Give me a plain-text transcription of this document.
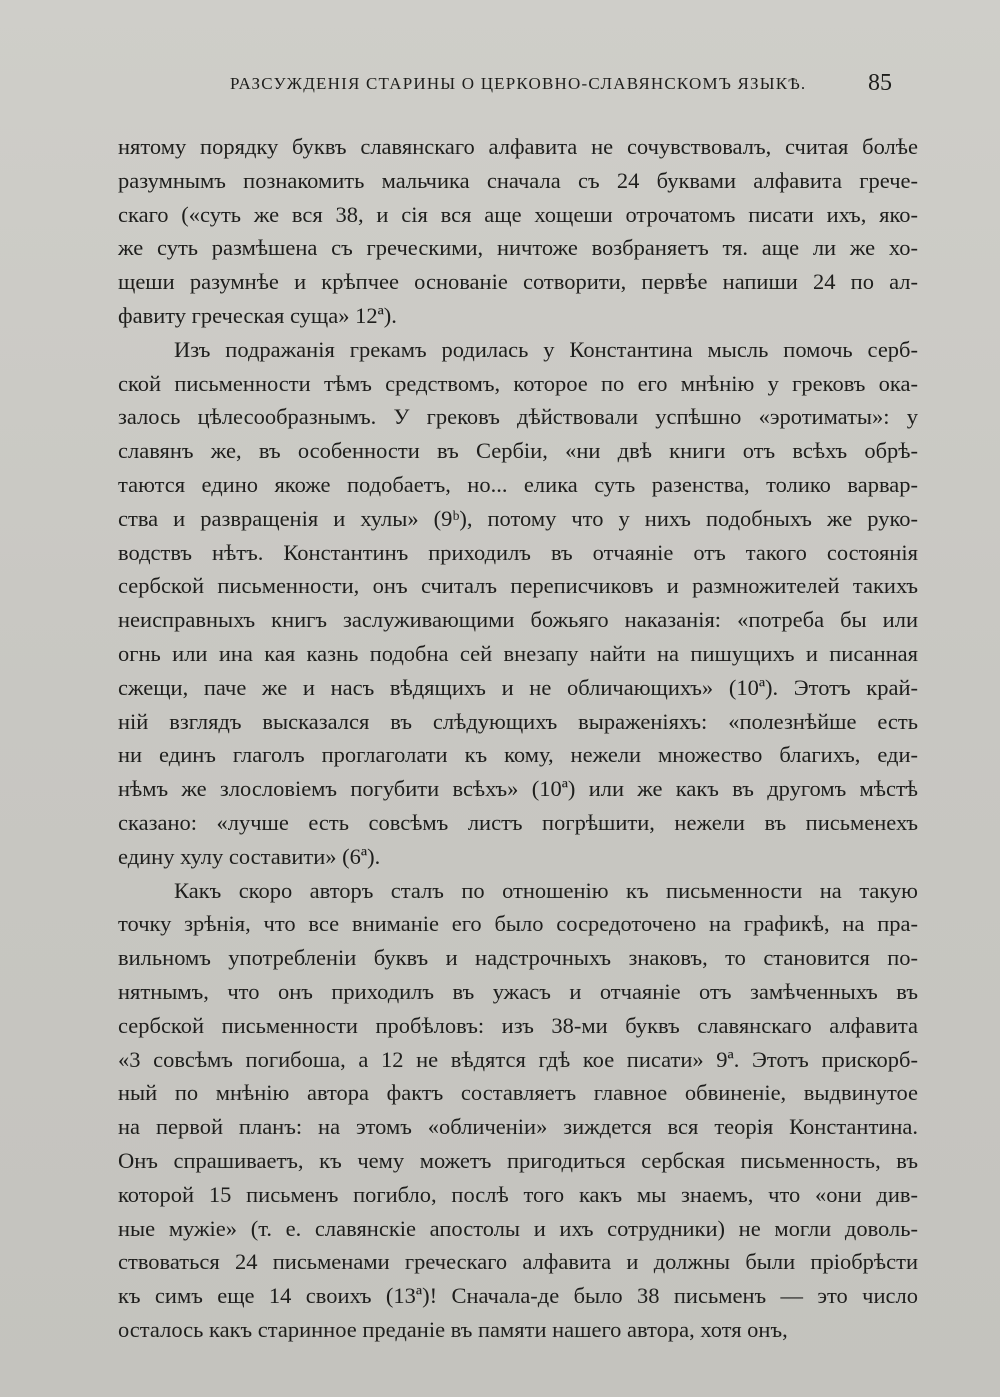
РАЗСУЖДЕНІЯ СТАРИНЫ О ЦЕРКОВНО-СЛАВЯНСКОМЪ ЯЗЫКѢ.	85
нятому порядку буквъ славянскаго алфавита не сочувствовалъ, считая болѣе
разумнымъ познакомить мальчика сначала съ 24 буквами алфавита грече-
скаго («суть же вся 38, и сія вся аще хощеши отрочатомъ писати ихъ, яко-
же суть размѣшена съ греческими, ничтоже возбраняетъ тя. аще ли же хо-
щеши разумнѣе и крѣпчее основаніе сотворити, первѣе напиши 24 по ал-
фавиту греческая суща» 12ª).
Изъ подражанія грекамъ родилась у Константина мысль помочь серб-
ской письменности тѣмъ средствомъ, которое по его мнѣнію у грековъ ока-
залось цѣлесообразнымъ. У грековъ дѣйствовали успѣшно «эротиматы»: у
славянъ же, въ особенности въ Сербіи, «ни двѣ книги отъ всѣхъ обрѣ-
таются едино якоже подобаетъ, но... елика суть разенства, толико варвар-
ства и развращенія и хулы» (9ᵇ), потому что у нихъ подобныхъ же руко-
водствъ нѣтъ. Константинъ приходилъ въ отчаяніе отъ такого состоянія
сербской письменности, онъ считалъ переписчиковъ и размножителей такихъ
неисправныхъ книгъ заслуживающими божьяго наказанія: «потреба бы или
огнь или ина кая казнь подобна сей внезапу найти на пишущихъ и писанная
сжещи, паче же и насъ вѣдящихъ и не обличающихъ» (10ª). Этотъ край-
ній взглядъ высказался въ слѣдующихъ выраженіяхъ: «полезнѣйше есть
ни единъ глаголъ проглаголати къ кому, нежели множество благихъ, еди-
нѣмъ же злословіемъ погубити всѣхъ» (10ª) или же какъ въ другомъ мѣстѣ
сказано: «лучше есть совсѣмъ листъ погрѣшити, нежели въ письменехъ
едину хулу составити» (6ª).
Какъ скоро авторъ сталъ по отношенію къ письменности на такую
точку зрѣнія, что все вниманіе его было сосредоточено на графикѣ, на пра-
вильномъ употребленіи буквъ и надстрочныхъ знаковъ, то становится по-
нятнымъ, что онъ приходилъ въ ужасъ и отчаяніе отъ замѣченныхъ въ
сербской письменности пробѣловъ: изъ 38-ми буквъ славянскаго алфавита
«3 совсѣмъ погибоша, а 12 не вѣдятся гдѣ кое писати» 9ª. Этотъ прискорб-
ный по мнѣнію автора фактъ составляетъ главное обвиненіе, выдвинутое
на первой планъ: на этомъ «обличеніи» зиждется вся теорія Константина.
Онъ спрашиваетъ, къ чему можетъ пригодиться сербская письменность, въ
которой 15 письменъ погибло, послѣ того какъ мы знаемъ, что «они див-
ные мужіе» (т. е. славянскіе апостолы и ихъ сотрудники) не могли доволь-
ствоваться 24 письменами греческаго алфавита и должны были пріобрѣсти
къ симъ еще 14 своихъ (13ª)! Сначала-де было 38 письменъ — это число
осталось какъ старинное преданіе въ памяти нашего автора, хотя онъ,
